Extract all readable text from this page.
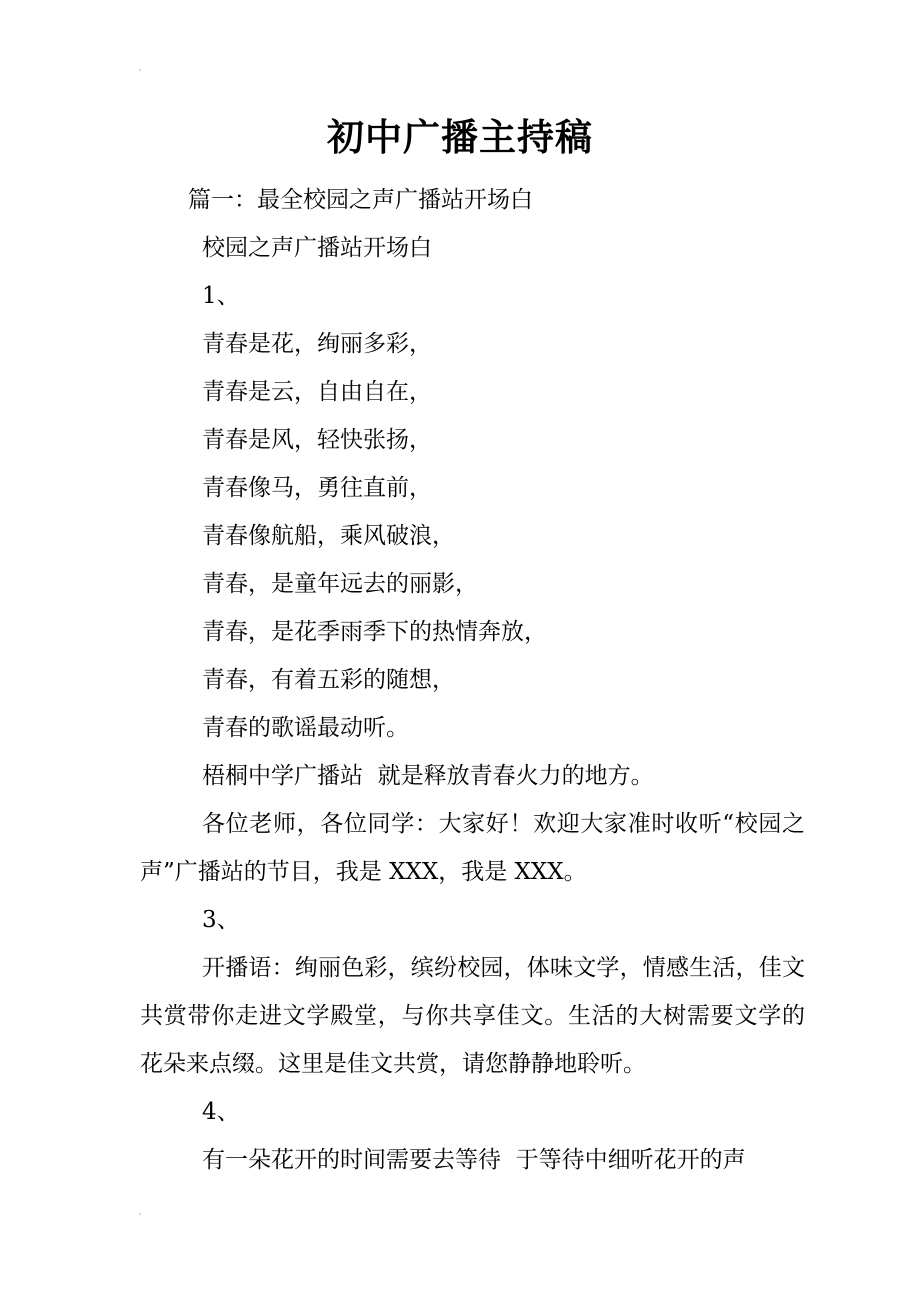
初中广播主持稿
篇一：最全校园之声广播站开场白
校园之声广播站开场白
1、
青春是花，绚丽多彩，
青春是云，自由自在，
青春是风，轻快张扬，
青春像马，勇往直前，
青春像航船，乘风破浪，
青春，是童年远去的丽影，
青春，是花季雨季下的热情奔放，
青春，有着五彩的随想，
青春的歌谣最动听。
梧桐中学广播站  就是释放青春火力的地方。
各位老师，各位同学：大家好！欢迎大家准时收听“校园之声”广播站的节目，我是 XXX，我是 XXX。
3、
开播语：绚丽色彩，缤纷校园，体味文学，情感生活，佳文共赏带你走进文学殿堂，与你共享佳文。生活的大树需要文学的花朵来点缀。这里是佳文共赏，请您静静地聆听。
4、
有一朵花开的时间需要去等待  于等待中细听花开的声
